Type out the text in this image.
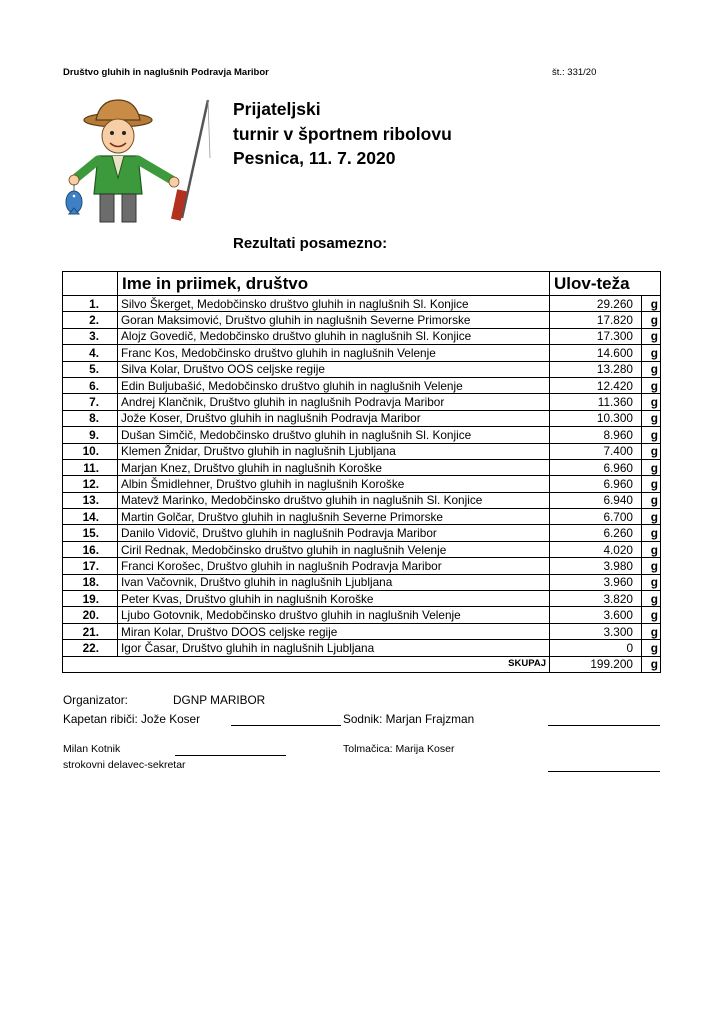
Društvo gluhih in naglušnih Podravja Maribor	št.: 331/20
Prijateljski
turnir v športnem ribolovu
Pesnica, 11. 7. 2020
Rezultati posamezno:
	Ime in priimek, društvo	Ulov-teža	
1.	Silvo Škerget, Medobčinsko društvo gluhih in naglušnih Sl. Konjice	29.260	g
2.	Goran Maksimović, Društvo gluhih in naglušnih Severne Primorske	17.820	g
3.	Alojz Govedič, Medobčinsko društvo gluhih in naglušnih Sl. Konjice	17.300	g
4.	Franc Kos, Medobčinsko društvo gluhih in naglušnih Velenje	14.600	g
5.	Silva Kolar, Društvo OOS celjske regije	13.280	g
6.	Edin Buljubašić, Medobčinsko društvo gluhih in naglušnih Velenje	12.420	g
7.	Andrej Klančnik, Društvo gluhih in naglušnih Podravja Maribor	11.360	g
8.	Jože Koser, Društvo gluhih in naglušnih Podravja Maribor	10.300	g
9.	Dušan Simčič, Medobčinsko društvo gluhih in naglušnih Sl. Konjice	8.960	g
10.	Klemen Žnidar, Društvo gluhih in naglušnih Ljubljana	7.400	g
11.	Marjan Knez, Društvo gluhih in naglušnih Koroške	6.960	g
12.	Albin Šmidlehner, Društvo gluhih in naglušnih Koroške	6.960	g
13.	Matevž Marinko, Medobčinsko društvo gluhih in naglušnih Sl. Konjice	6.940	g
14.	Martin Golčar, Društvo gluhih in naglušnih Severne Primorske	6.700	g
15.	Danilo Vidovič, Društvo gluhih in naglušnih Podravja Maribor	6.260	g
16.	Ciril Rednak, Medobčinsko društvo gluhih in naglušnih Velenje	4.020	g
17.	Franci Korošec, Društvo gluhih in naglušnih Podravja Maribor	3.980	g
18.	Ivan Vačovnik, Društvo gluhih in naglušnih Ljubljana	3.960	g
19.	Peter Kvas, Društvo gluhih in naglušnih Koroške	3.820	g
20.	Ljubo Gotovnik, Medobčinsko društvo gluhih in naglušnih Velenje	3.600	g
21.	Miran Kolar, Društvo DOOS celjske regije	3.300	g
22.	Igor Časar, Društvo gluhih in naglušnih Ljubljana	0	g
	SKUPAJ	199.200	g
Organizator:	DGNP MARIBOR
Kapetan ribiči: Jože Koser	Sodnik: Marjan Frajzman
Milan Kotnik	Tolmačica: Marija Koser
strokovni delavec-sekretar
